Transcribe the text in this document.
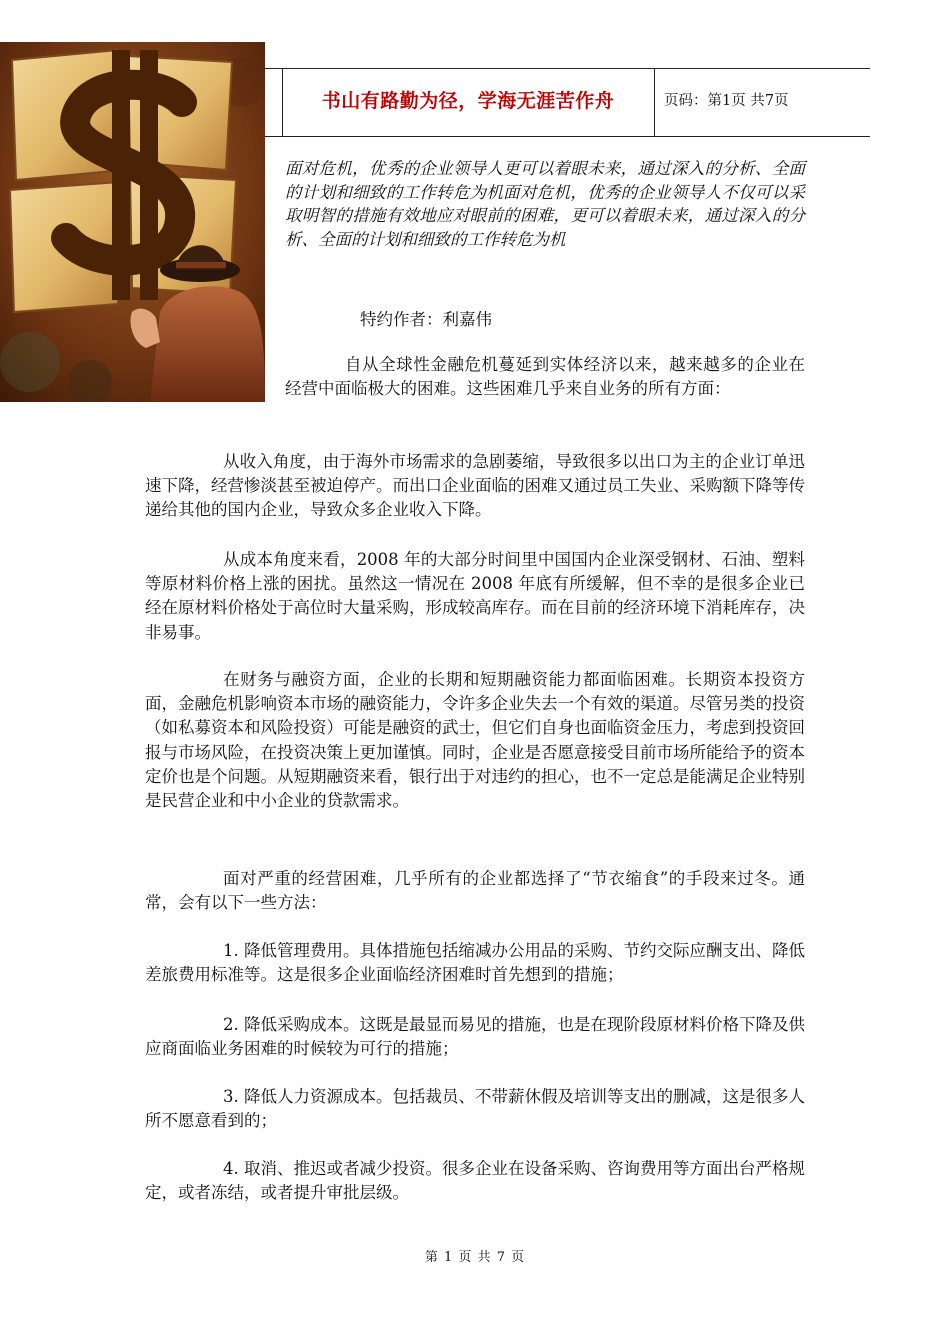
书山有路勤为径，学海无涯苦作舟	页码：第1页 共7页

面对危机，优秀的企业领导人更可以着眼未来，通过深入的分析、全面的计划和细致的工作转危为机面对危机，优秀的企业领导人不仅可以采取明智的措施有效地应对眼前的困难，更可以着眼未来，通过深入的分析、全面的计划和细致的工作转危为机

特约作者：利嘉伟

自从全球性金融危机蔓延到实体经济以来，越来越多的企业在经营中面临极大的困难。这些困难几乎来自业务的所有方面：

从收入角度，由于海外市场需求的急剧萎缩，导致很多以出口为主的企业订单迅速下降，经营惨淡甚至被迫停产。而出口企业面临的困难又通过员工失业、采购额下降等传递给其他的国内企业，导致众多企业收入下降。

从成本角度来看，2008 年的大部分时间里中国国内企业深受钢材、石油、塑料等原材料价格上涨的困扰。虽然这一情况在 2008 年底有所缓解，但不幸的是很多企业已经在原材料价格处于高位时大量采购，形成较高库存。而在目前的经济环境下消耗库存，决非易事。

在财务与融资方面，企业的长期和短期融资能力都面临困难。长期资本投资方面，金融危机影响资本市场的融资能力，令许多企业失去一个有效的渠道。尽管另类的投资（如私募资本和风险投资）可能是融资的武士，但它们自身也面临资金压力，考虑到投资回报与市场风险，在投资决策上更加谨慎。同时，企业是否愿意接受目前市场所能给予的资本定价也是个问题。从短期融资来看，银行出于对违约的担心，也不一定总是能满足企业特别是民营企业和中小企业的贷款需求。

面对严重的经营困难，几乎所有的企业都选择了“节衣缩食”的手段来过冬。通常，会有以下一些方法：

1. 降低管理费用。具体措施包括缩减办公用品的采购、节约交际应酬支出、降低差旅费用标准等。这是很多企业面临经济困难时首先想到的措施；

2. 降低采购成本。这既是最显而易见的措施，也是在现阶段原材料价格下降及供应商面临业务困难的时候较为可行的措施；

3. 降低人力资源成本。包括裁员、不带薪休假及培训等支出的删减，这是很多人所不愿意看到的；

4. 取消、推迟或者减少投资。很多企业在设备采购、咨询费用等方面出台严格规定，或者冻结，或者提升审批层级。

第 1 页 共 7 页
